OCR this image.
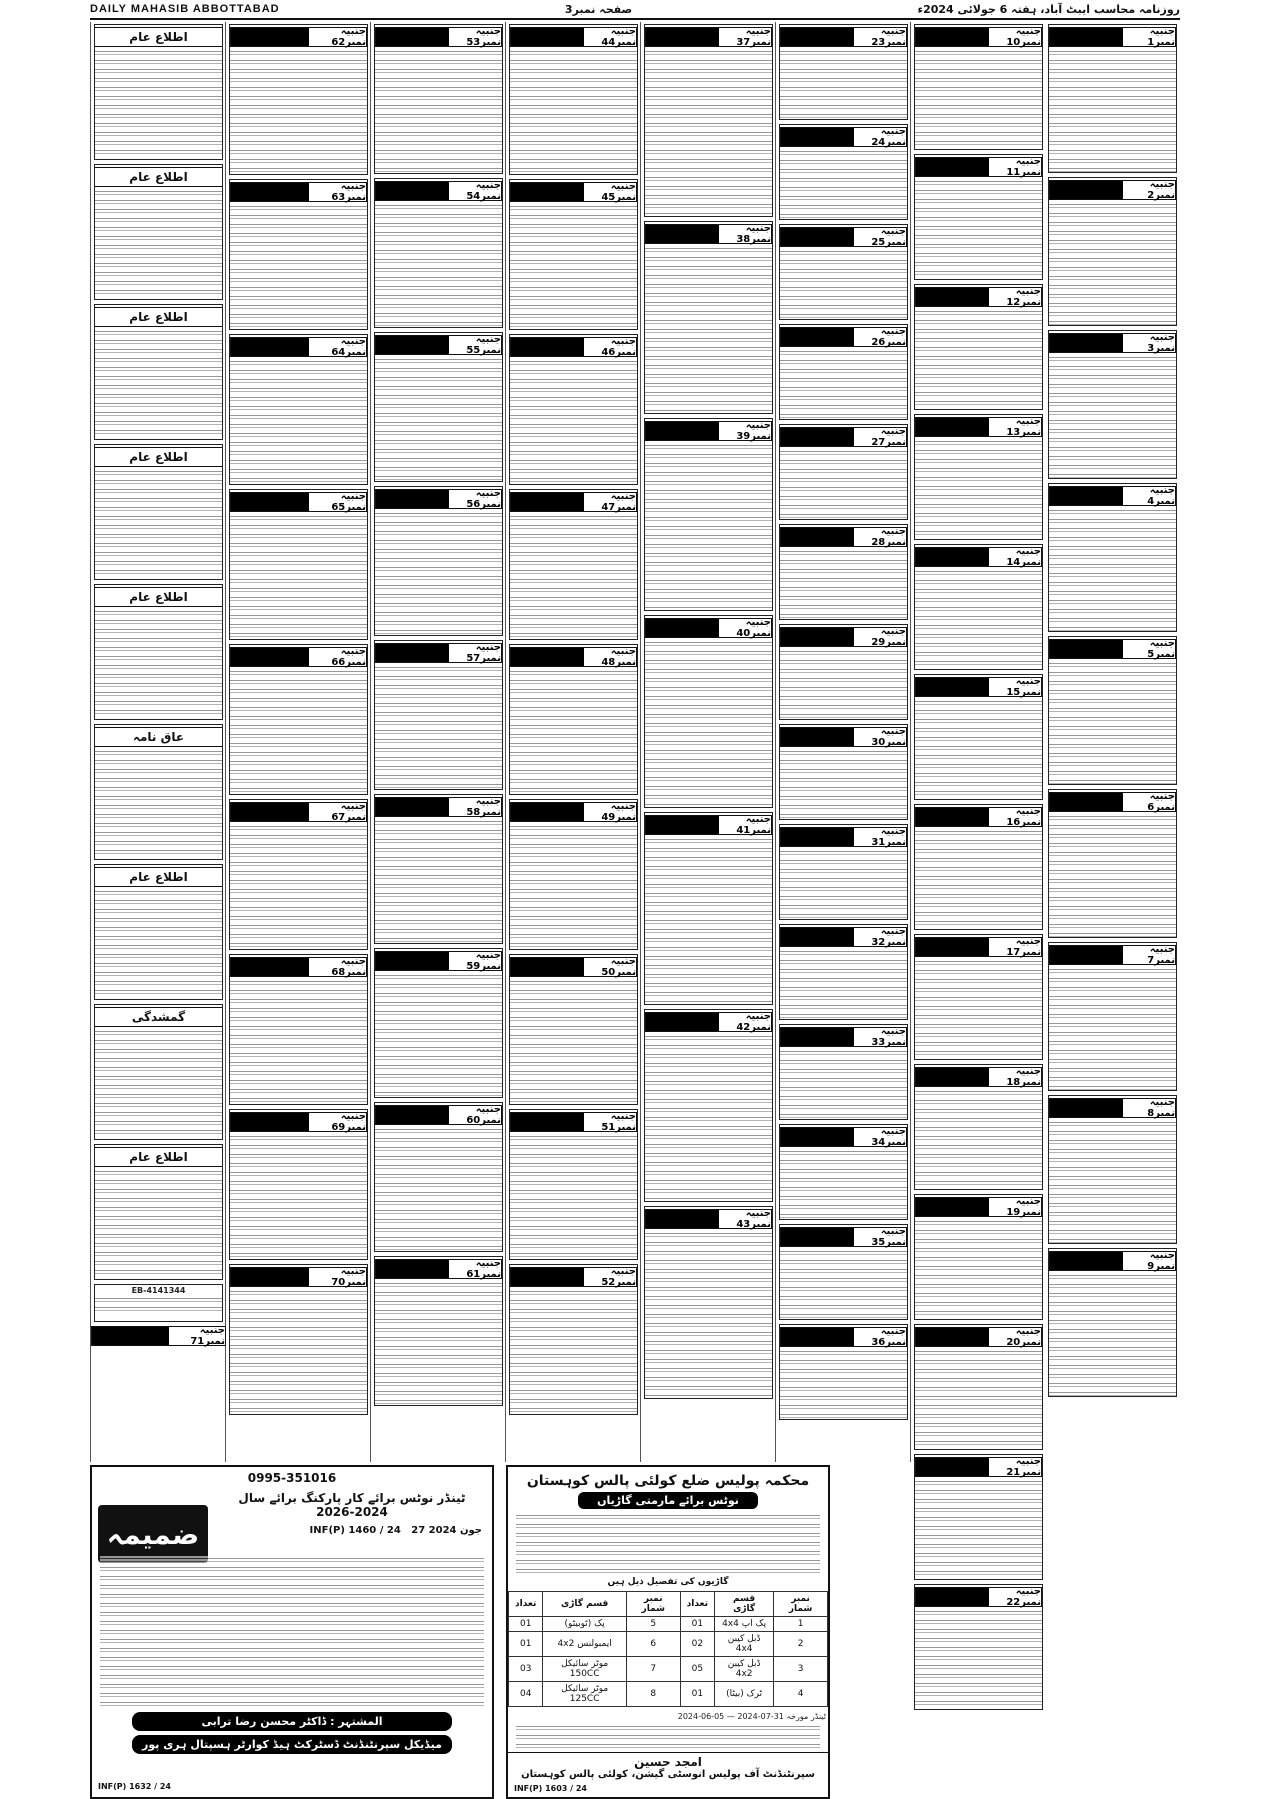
DAILY MAHASIB ABBOTTABAD	صفحہ نمبر3	روزنامہ محاسب ایبٹ آباد، ہفتہ 6 جولائی 2024ء
جنبیہ نمبر1
جنبیہ نمبر2
جنبیہ نمبر3
جنبیہ نمبر4
جنبیہ نمبر5
جنبیہ نمبر6
جنبیہ نمبر7
جنبیہ نمبر8
جنبیہ نمبر9
جنبیہ نمبر10
جنبیہ نمبر11
جنبیہ نمبر12
جنبیہ نمبر13
جنبیہ نمبر14
جنبیہ نمبر15
جنبیہ نمبر16
جنبیہ نمبر17
جنبیہ نمبر18
جنبیہ نمبر19
جنبیہ نمبر20
جنبیہ نمبر21
جنبیہ نمبر22
جنبیہ نمبر23
جنبیہ نمبر24
جنبیہ نمبر25
جنبیہ نمبر26
جنبیہ نمبر27
جنبیہ نمبر28
جنبیہ نمبر29
جنبیہ نمبر30
جنبیہ نمبر31
جنبیہ نمبر32
جنبیہ نمبر33
جنبیہ نمبر34
جنبیہ نمبر35
جنبیہ نمبر36
جنبیہ نمبر37
جنبیہ نمبر38
جنبیہ نمبر39
جنبیہ نمبر40
جنبیہ نمبر41
جنبیہ نمبر42
جنبیہ نمبر43
جنبیہ نمبر44
جنبیہ نمبر45
جنبیہ نمبر46
جنبیہ نمبر47
جنبیہ نمبر48
جنبیہ نمبر49
جنبیہ نمبر50
جنبیہ نمبر51
جنبیہ نمبر52
جنبیہ نمبر53
جنبیہ نمبر54
جنبیہ نمبر55
جنبیہ نمبر56
جنبیہ نمبر57
جنبیہ نمبر58
جنبیہ نمبر59
جنبیہ نمبر60
جنبیہ نمبر61
جنبیہ نمبر62
جنبیہ نمبر63
جنبیہ نمبر64
جنبیہ نمبر65
جنبیہ نمبر66
جنبیہ نمبر67
جنبیہ نمبر68
جنبیہ نمبر69
جنبیہ نمبر70
اطلاع عام
اطلاع عام
اطلاع عام
اطلاع عام
اطلاع عام
عاق نامہ
اطلاع عام
گمشدگی
اطلاع عام
EB-4141344
جنبیہ نمبر71
0995-351016
ضمیمہ
ٹینڈر نوٹس برائے کار پارکنگ برائے سال 2024-2026
INF(P) 1460 / 24 27 جون 2024
المشتہر : ڈاکٹر محسن رضا ترابی
میڈیکل سپرنٹنڈنٹ ڈسٹرکٹ ہیڈ کوارٹر ہسپتال ہری پور
INF(P) 1632 / 24
محکمہ پولیس ضلع کولئی پالس کوہستان
نوٹس برائے مارمتی گاڑیاں
گاڑیوں کی تفصیل ذیل ہیں
نمبر شمار	قسم گاڑی	تعداد	نمبر شمار	قسم گاڑی	تعداد
1	پک اپ 4x4	01	5	پک (ٹوبیٹو)	01
2	ڈبل کیبن 4x4	02	6	ایمبولنس 4x2	01
3	ڈبل کیبن 4x2	05	7	موٹر سائیکل 150CC	03
4	ٹرک (بیٹا)	01	8	موٹر سائیکل 125CC	04
ٹینڈر مورخہ 31-07-2024 — 05-06-2024
امجد حسین
سپرنٹنڈنٹ آف پولیس انوسٹی گیشن، کولئی پالس کوہستان
INF(P) 1603 / 24
